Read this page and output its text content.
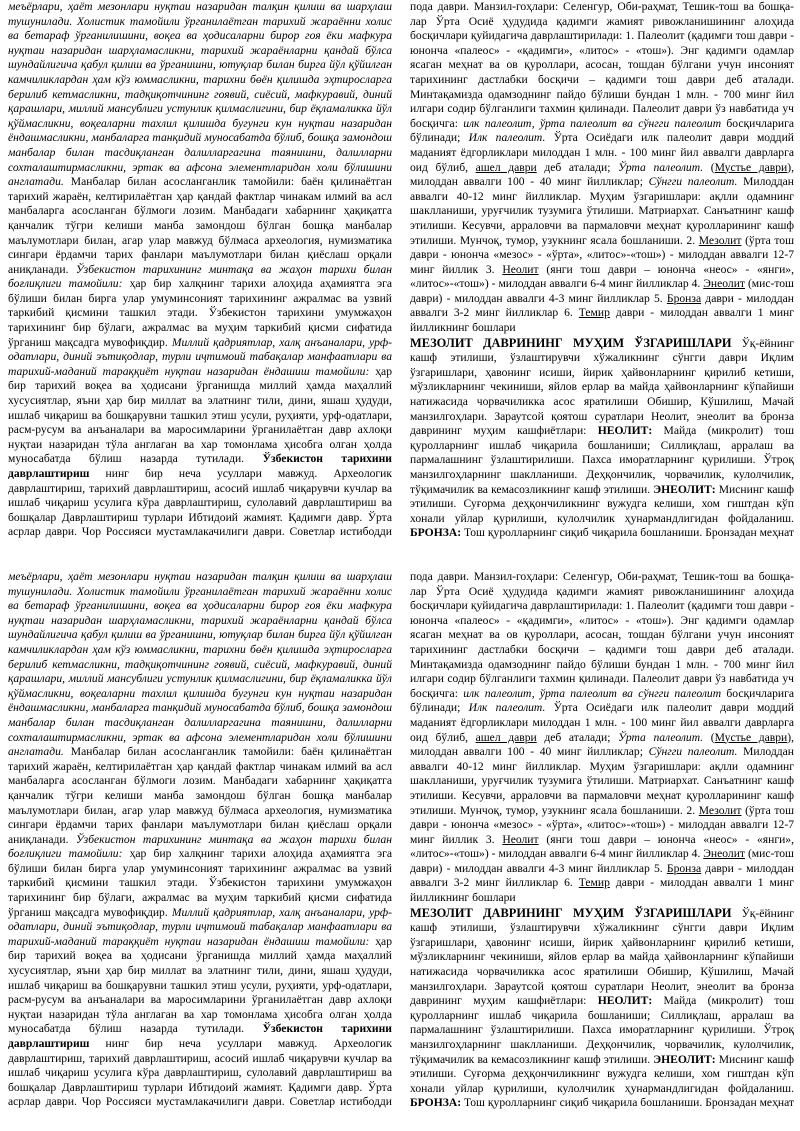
меъёрлари, ҳаёт мезонлари нуқтаи назаридан талқин қилиш ва шарҳлаш тушунилади. Холистик тамойили ўрганилаётган тарихий жараённи холис ва бетараф ўрганилишини, воқеа ва ҳодисаларни бирор гоя ёки мафкура нуқтаи назаридан шарҳламасликни, тарихий жараёнларни қандай бўлса шундайлигича қабул қилиш ва ўрганишни, ютуқлар билан бирга йўл қўйилган камчиликлардан ҳам кўз юммасликни, тарихни бөён қилишда эҳтиросларга берилиб кетмасликни, тадқиқотчининг гоявий, сиёсий, мафкуравий, диний қарашлари, миллий мансублиги устунлик қилмаслигини, бир ёқламаликка йўл қўймасликни, воқеаларни тахлил қилишда бугунги кун нуқтаи назаридан ёндашмасликни, манбаларга танқидий муносабатда бўлиб, бошқа замондош манбалар билан тасдиқланган далилларгагина таянишни, далилларни сохталаштирмасликни, эртак ва афсона элементларидан холи бўлишини англатади. Манбалар билан асосланганлик тамойили: баён қилинаётган тарихий жараён, келтирилаётган ҳар қандай фактлар чинакам илмий ва асл манбаларга асосланган бўлмоги лозим. Манбадаги хабарнинг ҳақиқатга қанчалик тўгри келиши манба замондош бўлган бошқа манбалар маълумотлари билан, агар улар мавжуд бўлмаса археология, нумизматика сингари ёрдамчи тарих фанлари маълумотлари билан қиёслаш орқали аниқланади. Ўзбекистон тарихининг минтақа ва жаҳон тарихи билан боғлиқлиги тамойили: ҳар бир халқнинг тарихи алоҳида аҳамиятга эга бўлиши билан бирга улар умуминсоният тарихининг ажралмас ва узвий таркибий қисмини ташкил этади. Ўзбекистон тарихини умумжаҳон тарихининг бир бўлаги, ажралмас ва муҳим таркибий қисми сифатида ўрганиш мақсадга мувофиқдир. Миллий қадриятлар, халқ анъаналари, урф-одатлари, диний эътиқодлар, турли иҷтимоий табақалар манфаатлари ва тарихий-маданий тараққиёт нуқтаи назаридан ёндашиш тамойили: ҳар бир тарихий воқеа ва ҳодисани ўрганишда миллий ҳамда маҳаллий хусусиятлар, яъни ҳар бир миллат ва элатнинг тили, дини, яшаш ҳудуди, ишлаб чиқариш ва бошқарувни ташкил этиш усули, руҳияти, урф-одатлари, расм-русум ва анъаналари ва маросимларини ўрганилаётган давр ахлоқи нуқтаи назаридан тўла англаган ва хар томонлама ҳисобга олган ҳолда муносабатда бўлиш назарда тутилади. Ўзбекистон тарихини даврлаштириш нинг бир неча усуллари мавжуд. Археологик даврлаштириш, тарихий даврлаштириш, асосий ишлаб чиқарувчи кучлар ва ишлаб чиқариш усулига кўра даврлаштириш, сулолавий даврлаштириш ва бошқалар Даврлаштириш турлари Ибтидоий жамият. Қадимги давр. Ўрта асрлар даври. Чор Россияси мустамлакачилиги даври. Советлар истибодди

пода даври. Манзил-гоҳлари: Селенгур, Оби-раҳмат, Тешик-тош ва бошқа-лар Ўрта Осиё ҳудудида қадимги жамият ривожланишининг алоҳида босқичлари қуйидагича даврлаштирилади: 1. Палеолит (қадимги тош даври - юнонча «палеос» - «қадимги», «литос» - «тош»). Энг қадимги одамлар ясаган меҳнат ва ов қуроллари, асосан, тошдан бўлгани учун инсоният тарихининг дастлабки босқичи – қадимги тош даври деб аталади. Минтақамизда одамзоднинг пайдо бўлиши бундан 1 млн. - 700 минг йил илгари содир бўлганлиги тахмин қилинади. Палеолит даври ўз навбатида уч босқичга: илк палеолит, ўрта палеолит ва сўнгги палеолит босқичларига бўлинади; Илк палеолит. Ўрта Осиёдаги илк палеолит даври моддий маданият ёдгорликлари милоддан 1 млн. - 100 минг йил аввалги даврларга оид бўлиб, ашел даври деб аталади; Ўрта палеолит. (Мустье даври), милоддан аввалги 100 - 40 минг йилликлар; Сўнгги палеолит. Милоддан аввалги 40-12 минг йилликлар. Муҳим ўзгаришлари: ақлли одамнинг шаклланиши, уруғчилик тузумига ўтилиши. Матриархат. Санъатнинг кашф этилиши. Кесувчи, арраловчи ва пармаловчи меҳнат қуролларининг кашф этилиши. Мунчоқ, тумор, узукнинг ясала бошланиши. 2. Мезолит (ўрта тош даври - юнонча «мезос» - «ўрта», «литос»-«тош») - милоддан аввалги 12-7 минг йиллик 3. Неолит (янги тош даври – юнонча «неос» - «янги», «литос»-«тош») - милоддан аввалги 6-4 минг йилликлар 4. Энеолит (мис-тош даври) - милоддан аввалги 4-3 минг йилликлар 5. Бронза даври - милоддан аввалги 3-2 минг йилликлар 6. Темир даври - милоддан аввалги 1 минг йилликнинг бошлари

МЕЗОЛИТ ДАВРИНИНГ МУҲИМ ЎЗГАРИШЛАРИ Ўқ-ёйнинг кашф этилиши, ўзлаштирувчи хўжаликнинг сўнгги даври Иқлим ўзгаришлари, ҳавонинг исиши, йирик ҳайвонларнинг қирилиб кетиши, мўзликларнинг чекиниши, яйлов ерлар ва майда ҳайвонларнинг кўпайиши натижасида чорвачиликка асос яратилиши Обишир, Кўшилиш, Мачай манзилгоҳлари. Зараутсой қоятош суратлари Неолит, энеолит ва бронза даврининг муҳим кашфиётлари: НЕОЛИТ: Майда (микролит) тош қуролларнинг ишлаб чиқарила бошланиши; Силлиқлаш, арралаш ва пармалашнинг ўзлаштирилиши. Пахса иморатларнинг қурилиши. Ўтроқ манзилгоҳларнинг шаклланиши. Деҳқончилик, чорвачилик, кулолчилик, тўқимачилик ва кемасозликнинг кашф этилиши. ЭНЕОЛИТ: Миснинг кашф этилиши. Суғорма деҳқончиликнинг вужудга келиши, хом гиштдан кўп хонали уйлар қурилиши, кулолчилик ҳунармандлигидан фойдаланиш. БРОНЗА: Тош қуролларнинг сиқиб чиқарила бошланиши. Бронзадан меҳнат

меъёрлари, ҳаёт мезонлари нуқтаи назаридан талқин қилиш ва шарҳлаш тушунилади. Холистик тамойили ўрганилаётган тарихий жараённи холис ва бетараф ўрганилишини, воқеа ва ҳодисаларни бирор гоя ёки мафкура нуқтаи назаридан шарҳламасликни, тарихий жараёнларни қандай бўлса шундайлигича қабул қилиш ва ўрганишни, ютуқлар билан бирга йўл қўйилган камчиликлардан ҳам кўз юммасликни, тарихни бөён қилишда эҳтиросларга берилиб кетмасликни, тадқиқотчининг гоявий, сиёсий, мафкуравий, диний қарашлари, миллий мансублиги устунлик қилмаслигини, бир ёқламаликка йўл қўймасликни, воқеаларни тахлил қилишда бугунги кун нуқтаи назаридан ёндашмасликни, манбаларга танқидий муносабатда бўлиб, бошқа замондош манбалар билан тасдиқланган далилларгагина таянишни, далилларни сохталаштирмасликни, эртак ва афсона элементларидан холи бўлишини англатади. Манбалар билан асосланганлик тамойили: баён қилинаётган тарихий жараён, келтирилаётган ҳар қандай фактлар чинакам илмий ва асл манбаларга асосланган бўлмоги лозим. Манбадаги хабарнинг ҳақиқатга қанчалик тўгри келиши манба замондош бўлган бошқа манбалар маълумотлари билан, агар улар мавжуд бўлмаса археология, нумизматика сингари ёрдамчи тарих фанлари маълумотлари билан қиёслаш орқали аниқланади. Ўзбекистон тарихининг минтақа ва жаҳон тарихи билан боғлиқлиги тамойили: ҳар бир халқнинг тарихи алоҳида аҳамиятга эга бўлиши билан бирга улар умуминсоният тарихининг ажралмас ва узвий таркибий қисмини ташкил этади. Ўзбекистон тарихини умумжаҳон тарихининг бир бўлаги, ажралмас ва муҳим таркибий қисми сифатида ўрганиш мақсадга мувофиқдир. Миллий қадриятлар, халқ анъаналари, урф-одатлари, диний эътиқодлар, турли иҷтимоий табақалар манфаатлари ва тарихий-маданий тараққиёт нуқтаи назаридан ёндашиш тамойили: ҳар бир тарихий воқеа ва ҳодисани ўрганишда миллий ҳамда маҳаллий хусусиятлар, яъни ҳар бир миллат ва элатнинг тили, дини, яшаш ҳудуди, ишлаб чиқариш ва бошқарувни ташкил этиш усули, руҳияти, урф-одатлари, расм-русум ва анъаналари ва маросимларини ўрганилаётган давр ахлоқи нуқтаи назаридан тўла англаган ва хар томонлама ҳисобга олган ҳолда муносабатда бўлиш назарда тутилади. Ўзбекистон тарихини даврлаштириш нинг бир неча усуллари мавжуд. Археологик даврлаштириш, тарихий даврлаштириш, асосий ишлаб чиқарувчи кучлар ва ишлаб чиқариш усулига кўра даврлаштириш, сулолавий даврлаштириш ва бошқалар Даврлаштириш турлари Ибтидоий жамият. Қадимги давр. Ўрта асрлар даври. Чор Россияси мустамлакачилиги даври. Советлар истибодди

пода даври. Манзил-гоҳлари: Селенгур, Оби-раҳмат, Тешик-тош ва бошқа-лар Ўрта Осиё ҳудудида қадимги жамият ривожланишининг алоҳида босқичлари қуйидагича даврлаштирилади: 1. Палеолит (қадимги тош даври - юнонча «палеос» - «қадимги», «литос» - «тош»). Энг қадимги одамлар ясаган меҳнат ва ов қуроллари, асосан, тошдан бўлгани учун инсоният тарихининг дастлабки босқичи – қадимги тош даври деб аталади. Минтақамизда одамзоднинг пайдо бўлиши бундан 1 млн. - 700 минг йил илгари содир бўлганлиги тахмин қилинади. Палеолит даври ўз навбатида уч босқичга: илк палеолит, ўрта палеолит ва сўнгги палеолит босқичларига бўлинади; Илк палеолит. Ўрта Осиёдаги илк палеолит даври моддий маданият ёдгорликлари милоддан 1 млн. - 100 минг йил аввалги даврларга оид бўлиб, ашел даври деб аталади; Ўрта палеолит. (Мустье даври), милоддан аввалги 100 - 40 минг йилликлар; Сўнгги палеолит. Милоддан аввалги 40-12 минг йилликлар. Муҳим ўзгаришлари: ақлли одамнинг шаклланиши, уруғчилик тузумига ўтилиши. Матриархат. Санъатнинг кашф этилиши. Кесувчи, арраловчи ва пармаловчи меҳнат қуролларининг кашф этилиши. Мунчоқ, тумор, узукнинг ясала бошланиши. 2. Мезолит (ўрта тош даври - юнонча «мезос» - «ўрта», «литос»-«тош») - милоддан аввалги 12-7 минг йиллик 3. Неолит (янги тош даври – юнонча «неос» - «янги», «литос»-«тош») - милоддан аввалги 6-4 минг йилликлар 4. Энеолит (мис-тош даври) - милоддан аввалги 4-3 минг йилликлар 5. Бронза даври - милоддан аввалги 3-2 минг йилликлар 6. Темир даври - милоддан аввалги 1 минг йилликнинг бошлари

МЕЗОЛИТ ДАВРИНИНГ МУҲИМ ЎЗГАРИШЛАРИ Ўқ-ёйнинг кашф этилиши, ўзлаштирувчи хўжаликнинг сўнгги даври Иқлим ўзгаришлари, ҳавонинг исиши, йирик ҳайвонларнинг қирилиб кетиши, мўзликларнинг чекиниши, яйлов ерлар ва майда ҳайвонларнинг кўпайиши натижасида чорвачиликка асос яратилиши Обишир, Кўшилиш, Мачай манзилгоҳлари. Зараутсой қоятош суратлари Неолит, энеолит ва бронза даврининг муҳим кашфиётлари: НЕОЛИТ: Майда (микролит) тош қуролларнинг ишлаб чиқарила бошланиши; Силлиқлаш, арралаш ва пармалашнинг ўзлаштирилиши. Пахса иморатларнинг қурилиши. Ўтроқ манзилгоҳларнинг шаклланиши. Деҳқончилик, чорвачилик, кулолчилик, тўқимачилик ва кемасозликнинг кашф этилиши. ЭНЕОЛИТ: Миснинг кашф этилиши. Суғорма деҳқончиликнинг вужудга келиши, хом гиштдан кўп хонали уйлар қурилиши, кулолчилик ҳунармандлигидан фойдаланиш. БРОНЗА: Тош қуролларнинг сиқиб чиқарила бошланиши. Бронзадан меҳнат
